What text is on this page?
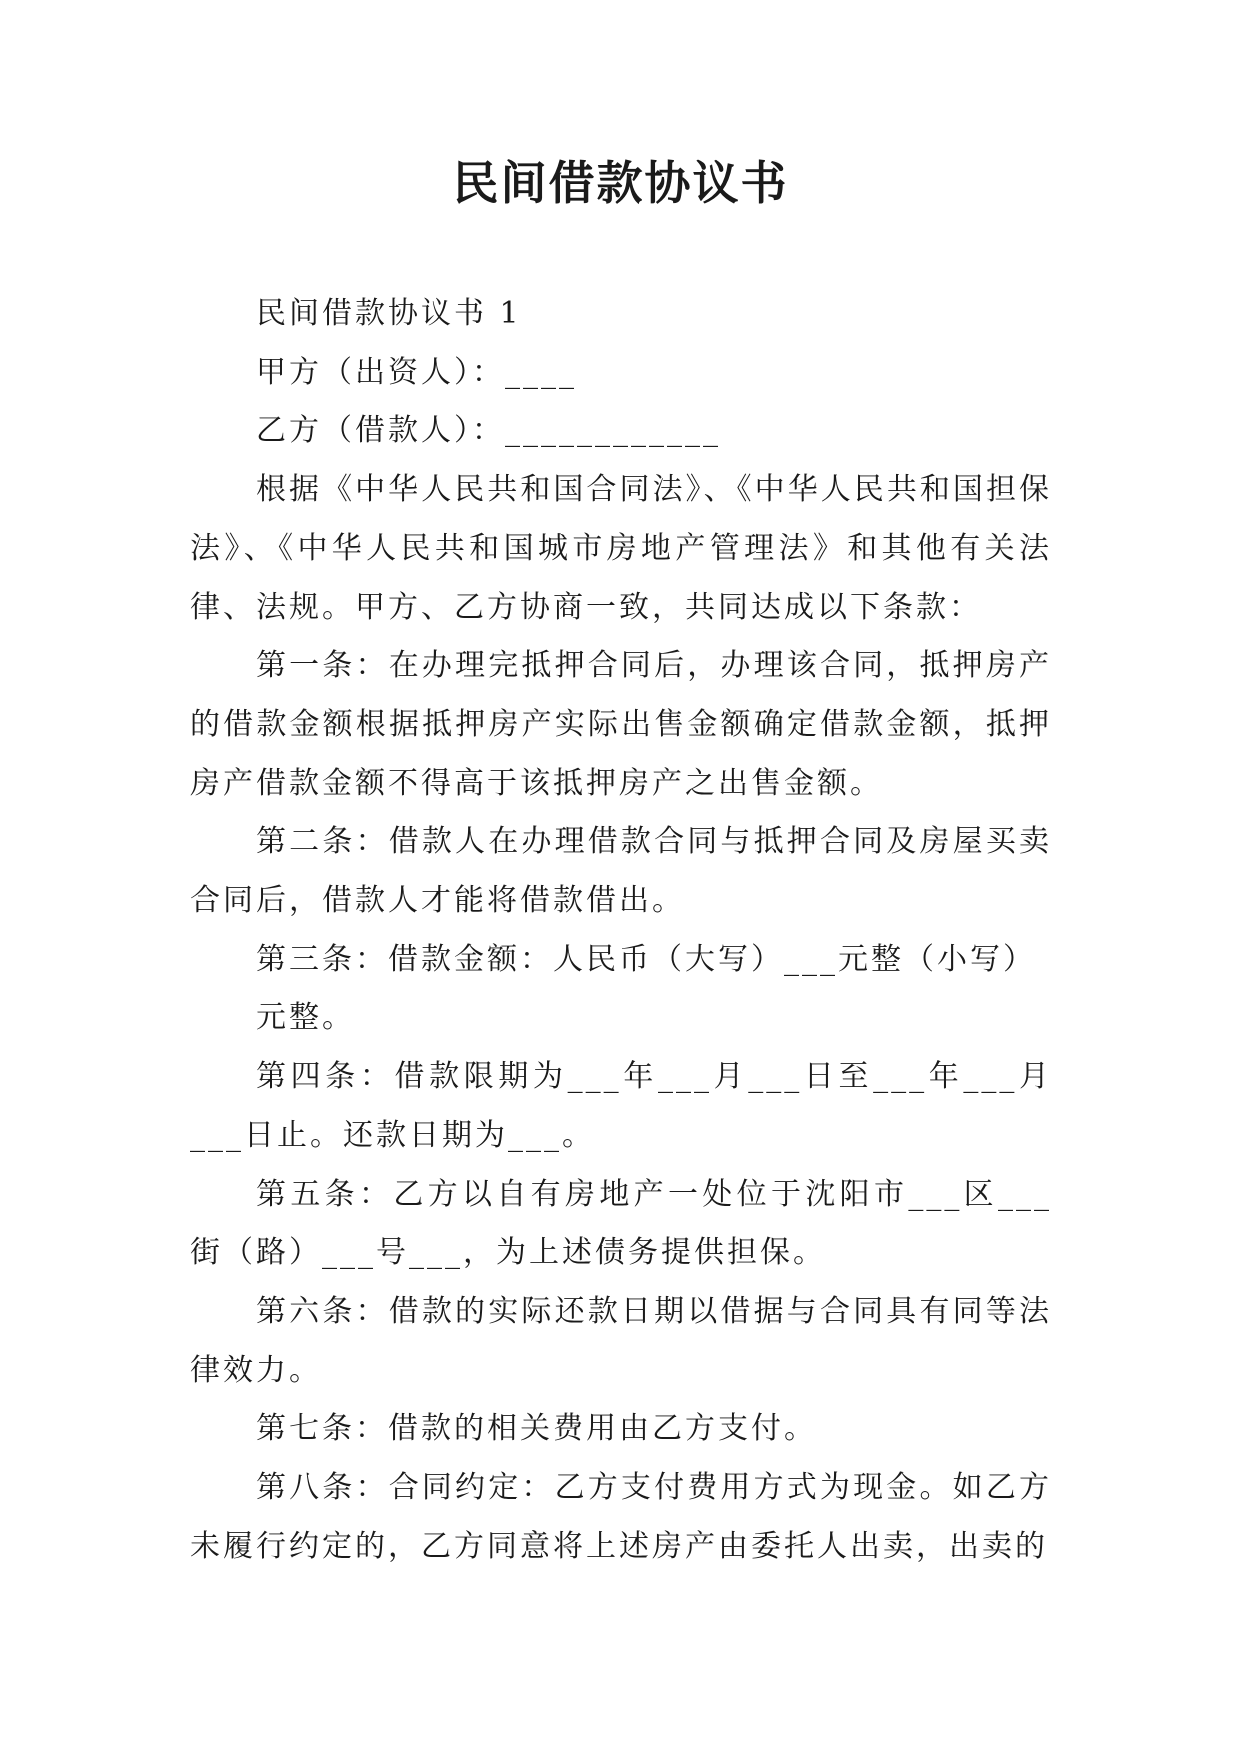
民间借款协议书

民间借款协议书 1

甲方（出资人）：____

乙方（借款人）：____________

根据《中华人民共和国合同法》、《中华人民共和国担保法》、《中华人民共和国城市房地产管理法》和其他有关法律、法规。甲方、乙方协商一致，共同达成以下条款：

第一条：在办理完抵押合同后，办理该合同，抵押房产的借款金额根据抵押房产实际出售金额确定借款金额，抵押房产借款金额不得高于该抵押房产之出售金额。

第二条：借款人在办理借款合同与抵押合同及房屋买卖合同后，借款人才能将借款借出。

第三条：借款金额：人民币（大写）___元整（小写）

元整。

第四条：借款限期为___年___月___日至___年___月___日止。还款日期为___。

第五条：乙方以自有房地产一处位于沈阳市___区___街（路）___号___，为上述债务提供担保。

第六条：借款的实际还款日期以借据与合同具有同等法律效力。

第七条：借款的相关费用由乙方支付。

第八条：合同约定：乙方支付费用方式为现金。如乙方未履行约定的，乙方同意将上述房产由委托人出卖，出卖的
